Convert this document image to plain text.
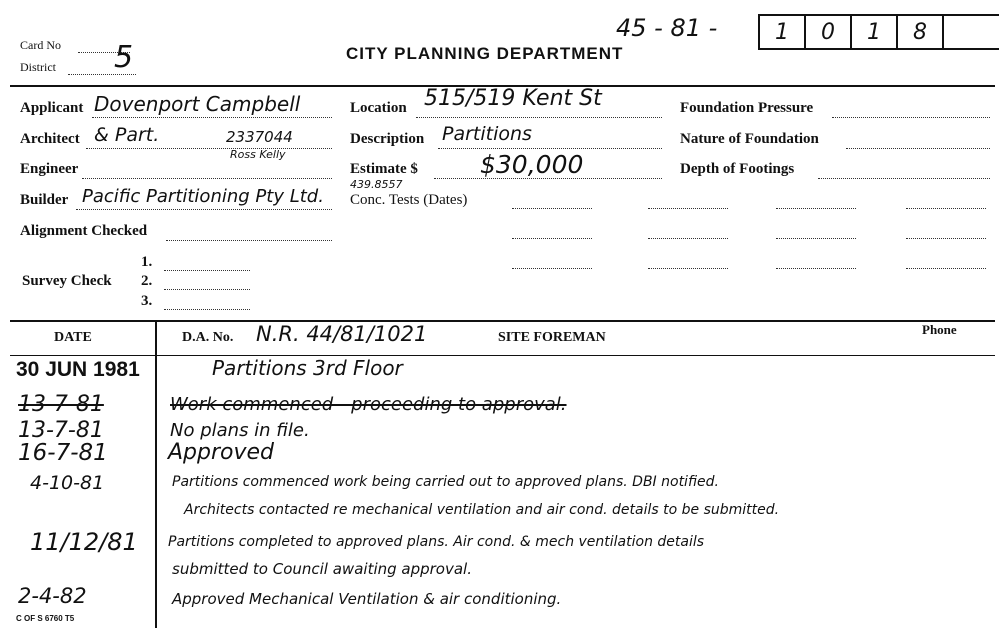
45 - 81 -	1	0	1	8
Card No
District 5	CITY PLANNING DEPARTMENT
Applicant Dovenport Campbell
Architect & Part.	2337044
Ross Kelly
Engineer
Builder Pacific Partitioning Pty Ltd.
Alignment Checked
Survey Check
1.
2.
3.
Location 515/519 Kent St
Description Partitions
Estimate $ $30,000
439.8557
Conc. Tests (Dates)
Foundation Pressure
Nature of Foundation
Depth of Footings
DATE	D.A. No. N.R. 44/81/1021	SITE FOREMAN
Phone
30 JUN 1981	Partitions 3rd Floor
13-7-81	Work commenced - proceeding to approval.
13-7-81	No plans in file.
16-7-81	Approved
4-10-81	Partitions commenced work being carried out to approved plans. DBI notified.
Architects contacted re mechanical ventilation and air cond. details to be submitted.
11/12/81 Partitions completed to approved plans. Air cond. & mech ventilation details
submitted to Council awaiting approval.
2-4-82	Approved Mechanical Ventilation & air conditioning.
C OF S 6760 T5
